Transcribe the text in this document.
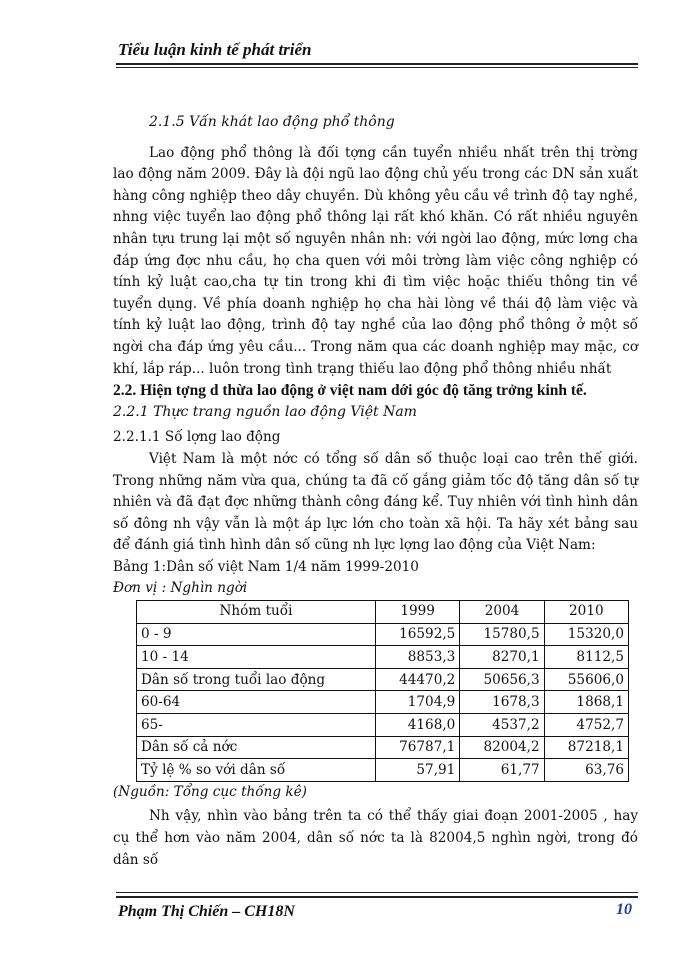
Tiểu luận kinh tế phát triển

2.1.5 Vấn khát lao động phổ thông

Lao động phổ thông là đối tợng cần tuyển nhiều nhất trên thị trờng lao động năm 2009. Đây là đội ngũ lao động chủ yếu trong các DN sản xuất hàng công nghiệp theo dây chuyền. Dù không yêu cầu về trình độ tay nghề, nhng việc tuyển lao động phổ thông lại rất khó khăn. Có rất nhiều nguyên nhân tựu trung lại một số nguyên nhân nh: với ngời lao động, mức lơng cha đáp ứng đợc nhu cầu, họ cha quen với môi trờng làm việc công nghiệp có tính kỷ luật cao,cha tự tin trong khi đi tìm việc hoặc thiếu thông tin về tuyển dụng. Về phía doanh nghiệp họ cha hài lòng về thái độ làm việc và tính kỷ luật lao động, trình độ tay nghề của lao động phổ thông ở một số ngời cha đáp ứng yêu cầu... Trong năm qua các doanh nghiệp may mặc, cơ khí, lắp ráp... luôn trong tình trạng thiếu lao động phổ thông nhiều nhất

2.2. Hiện tợng d thừa lao động ở việt nam dới góc độ tăng trởng kinh tế.

2.2.1 Thực trang nguồn lao động Việt Nam

2.2.1.1 Số lợng lao động

Việt Nam là một nớc có tổng số dân số thuộc loại cao trên thế giới. Trong những năm vừa qua, chúng ta đã cố gắng giảm tốc độ tăng dân số tự nhiên và đã đạt đợc những thành công đáng kể. Tuy nhiên với tình hình dân số đông nh vậy vẫn là một áp lực lớn cho toàn xã hội. Ta hãy xét bảng sau để đánh giá tình hình dân số cũng nh lực lợng lao động của Việt Nam:

Bảng 1:Dân số việt Nam 1/4 năm 1999-2010

Đơn vị : Nghìn ngời

Nhóm tuổi	1999	2004	2010
0 - 9	16592,5	15780,5	15320,0
10 - 14	8853,3	8270,1	8112,5
Dân số trong tuổi lao động	44470,2	50656,3	55606,0
60-64	1704,9	1678,3	1868,1
65-	4168,0	4537,2	4752,7
Dân số cả nớc	76787,1	82004,2	87218,1
Tỷ lệ % so với dân số	57,91	61,77	63,76

(Nguồn: Tổng cục thống kê)

Nh vậy, nhìn vào bảng trên ta có thể thấy giai đoạn 2001-2005 , hay cụ thể hơn vào năm 2004, dân số nớc ta là 82004,5 nghìn ngời, trong đó dân số

Phạm Thị Chiến – CH18N	10
